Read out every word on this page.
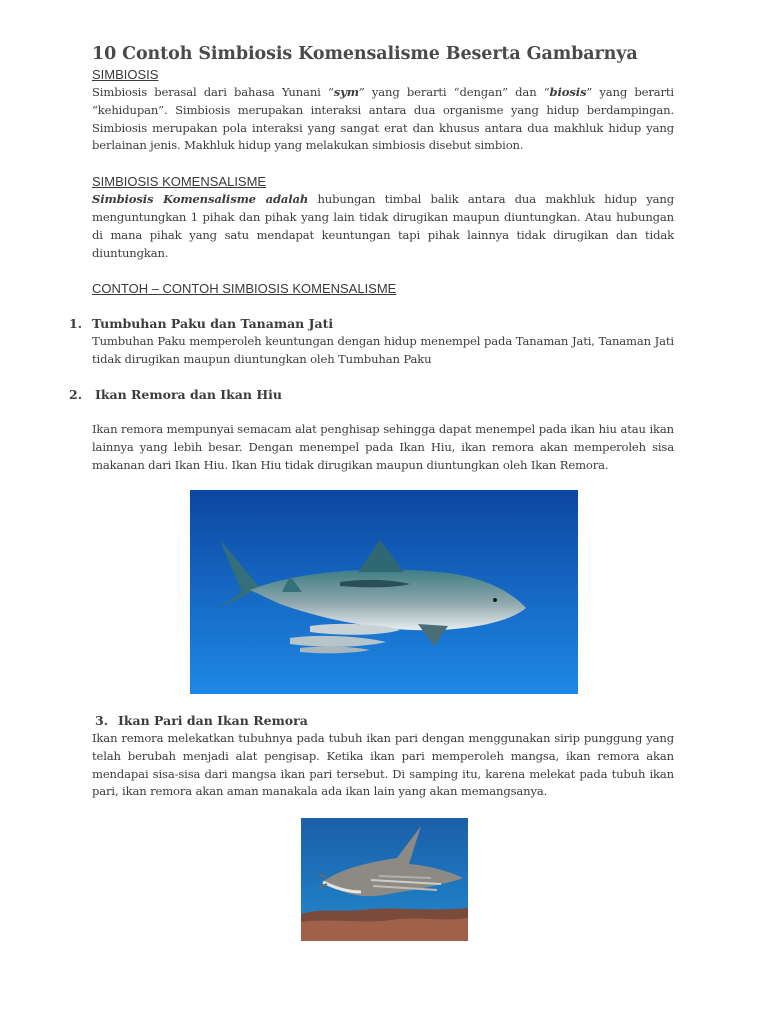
10 Contoh Simbiosis Komensalisme Beserta Gambarnya
SIMBIOSIS

Simbiosis berasal dari bahasa Yunani “sym” yang berarti “dengan” dan “biosis” yang berarti “kehidupan”. Simbiosis merupakan interaksi antara dua organisme yang hidup berdampingan. Simbiosis merupakan pola interaksi yang sangat erat dan khusus antara dua makhluk hidup yang berlainan jenis. Makhluk hidup yang melakukan simbiosis disebut simbion.

SIMBIOSIS KOMENSALISME

Simbiosis Komensalisme adalah hubungan timbal balik antara dua makhluk hidup yang menguntungkan 1 pihak dan pihak yang lain tidak dirugikan maupun diuntungkan. Atau hubungan di mana pihak yang satu mendapat keuntungan tapi pihak lainnya tidak dirugikan dan tidak diuntungkan.

CONTOH – CONTOH SIMBIOSIS KOMENSALISME
1. Tumbuhan Paku dan Tanaman Jati

Tumbuhan Paku memperoleh keuntungan dengan hidup menempel pada Tanaman Jati, Tanaman Jati tidak dirugikan maupun diuntungkan oleh Tumbuhan Paku

2. Ikan Remora dan Ikan Hiu

Ikan remora mempunyai semacam alat penghisap sehingga dapat menempel pada ikan hiu atau ikan lainnya yang lebih besar. Dengan menempel pada Ikan Hiu, ikan remora akan memperoleh sisa makanan dari Ikan Hiu. Ikan Hiu tidak dirugikan maupun diuntungkan oleh Ikan Remora.

3. Ikan Pari dan Ikan Remora

Ikan remora melekatkan tubuhnya pada tubuh ikan pari dengan menggunakan sirip punggung yang telah berubah menjadi alat pengisap. Ketika ikan pari memperoleh mangsa, ikan remora akan mendapai sisa-sisa dari mangsa ikan pari tersebut. Di samping itu, karena melekat pada tubuh ikan pari, ikan remora akan aman manakala ada ikan lain yang akan memangsanya.
